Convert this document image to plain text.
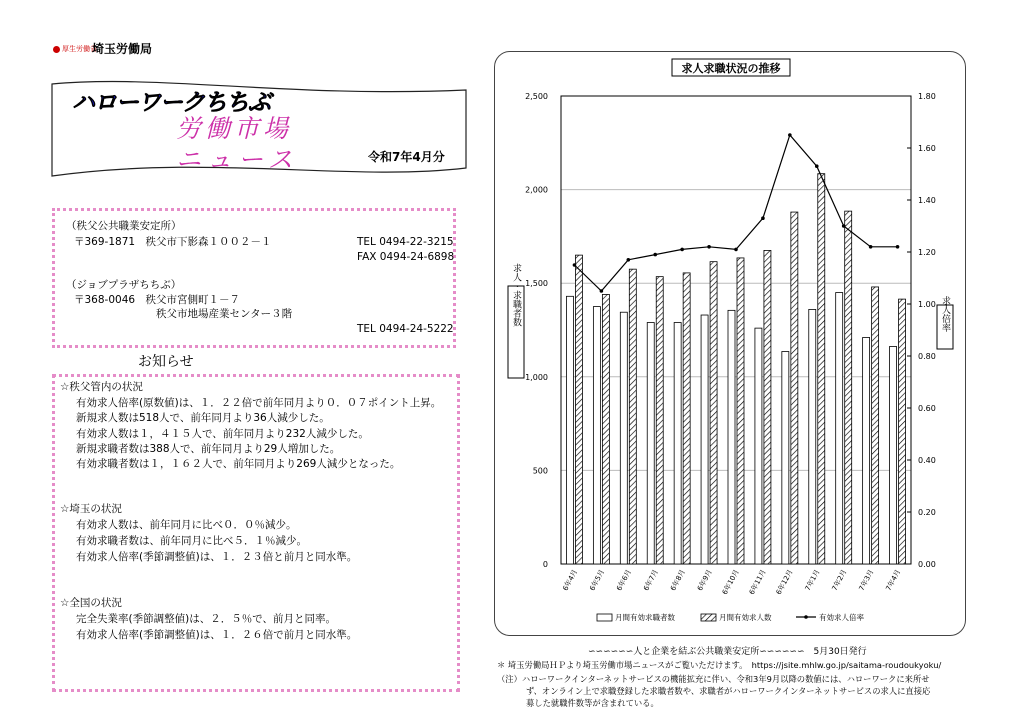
厚生労働省
埼玉労働局
ハローワークちちぶ
労働市場
ニュース	令和7年4月分
（秩父公共職業安定所）
〒369-1871　秩父市下影森１００２－１	TEL 0494-22-3215
FAX 0494-24-6898
（ジョブプラザちちぶ）
〒368-0046　秩父市宮側町１－７
秩父市地場産業センター３階
TEL 0494-24-5222
お知らせ
☆秩父管内の状況
有効求人倍率(原数値)は、１．２２倍で前年同月より０．０７ポイント上昇。
新規求人数は518人で、前年同月より36人減少した。
有効求人数は１，４１５人で、前年同月より232人減少した。
新規求職者数は388人で、前年同月より29人増加した。
有効求職者数は１，１６２人で、前年同月より269人減少となった。
☆埼玉の状況
有効求人数は、前年同月に比べ０．０％減少。
有効求職者数は、前年同月に比べ５．１％減少。
有効求人倍率(季節調整値)は、１．２３倍と前月と同水準。
☆全国の状況
完全失業率(季節調整値)は、２．５％で、前月と同率。
有効求人倍率(季節調整値)は、１．２６倍で前月と同水準。
求人求職状況の推移
0
500
1,000
1,500
2,000
2,500
0.00
0.20
0.40
0.60
0.80
1.00
1.20
1.40
1.60
1.80
6年4月 6年5月 6年6月 6年7月 6年8月 6年9月 6年10月 6年11月 6年12月 7年1月 7年2月 7年3月 7年4月
求人・求職者数	求人倍率
月間有効求職者数	月間有効求人数	有効求人倍率
∽∽∽∽∽∽人と企業を結ぶ公共職業安定所∽∽∽∽∽∽　5月30日発行
＊ 埼玉労働局ＨＰより埼玉労働市場ニュースがご覧いただけます。　https://jsite.mhlw.go.jp/saitama-roudoukyoku/
（注）ハローワークインターネットサービスの機能拡充に伴い、令和3年9月以降の数値には、ハローワークに来所せ
ず、オンライン上で求職登録した求職者数や、求職者がハローワークインターネットサービスの求人に直接応
募した就職件数等が含まれている。
